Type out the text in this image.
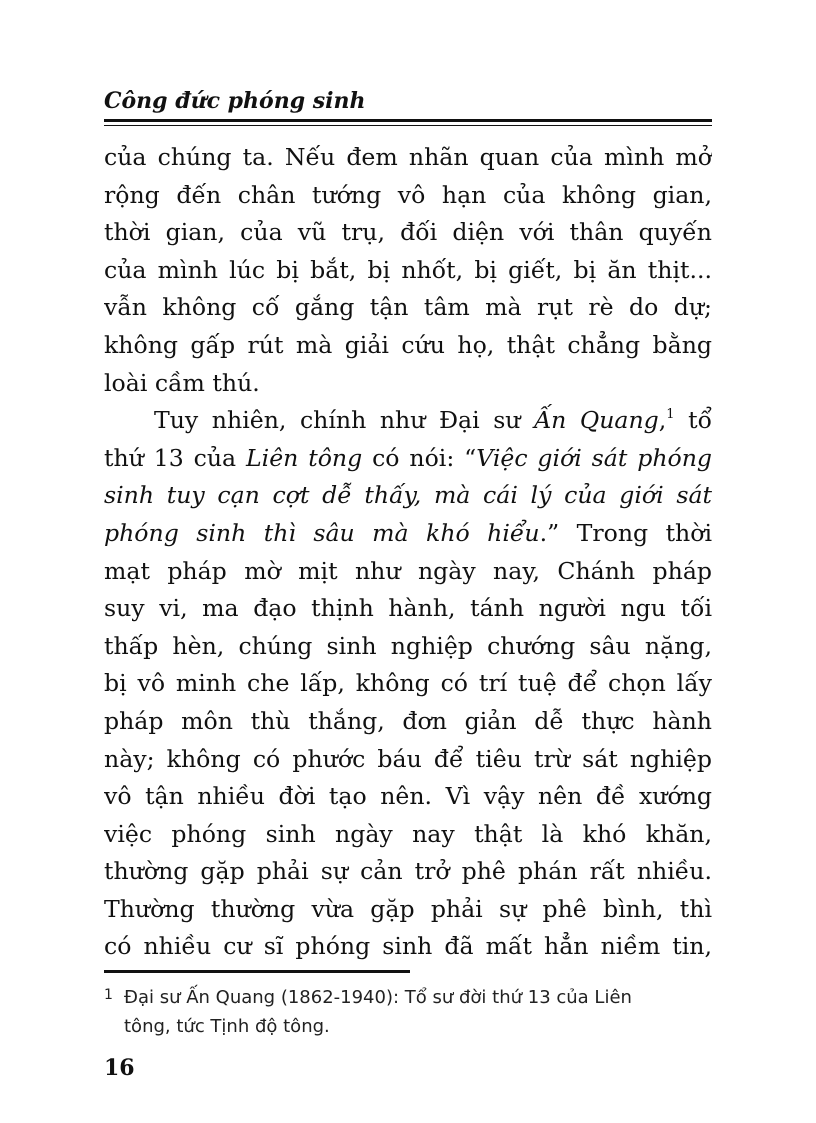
Công đức phóng sinh
của chúng ta. Nếu đem nhãn quan của mình mở
rộng đến chân tướng vô hạn của không gian,
thời gian, của vũ trụ, đối diện với thân quyến
của mình lúc bị bắt, bị nhốt, bị giết, bị ăn thịt...
vẫn không cố gắng tận tâm mà rụt rè do dự;
không gấp rút mà giải cứu họ, thật chẳng bằng
loài cầm thú.
Tuy nhiên, chính như Đại sư Ấn Quang,$^1$ tổ
thứ 13 của Liên tông có nói: “Việc giới sát phóng
sinh tuy cạn cợt dễ thấy, mà cái lý của giới sát
phóng sinh thì sâu mà khó hiểu.” Trong thời
mạt pháp mờ mịt như ngày nay, Chánh pháp
suy vi, ma đạo thịnh hành, tánh người ngu tối
thấp hèn, chúng sinh nghiệp chướng sâu nặng,
bị vô minh che lấp, không có trí tuệ để chọn lấy
pháp môn thù thắng, đơn giản dễ thực hành
này; không có phước báu để tiêu trừ sát nghiệp
vô tận nhiều đời tạo nên. Vì vậy nên đề xướng
việc phóng sinh ngày nay thật là khó khăn,
thường gặp phải sự cản trở phê phán rất nhiều.
Thường thường vừa gặp phải sự phê bình, thì
có nhiều cư sĩ phóng sinh đã mất hẳn niềm tin,
1 Đại sư Ấn Quang (1862-1940): Tổ sư đời thứ 13 của Liên
tông, tức Tịnh độ tông.
16
